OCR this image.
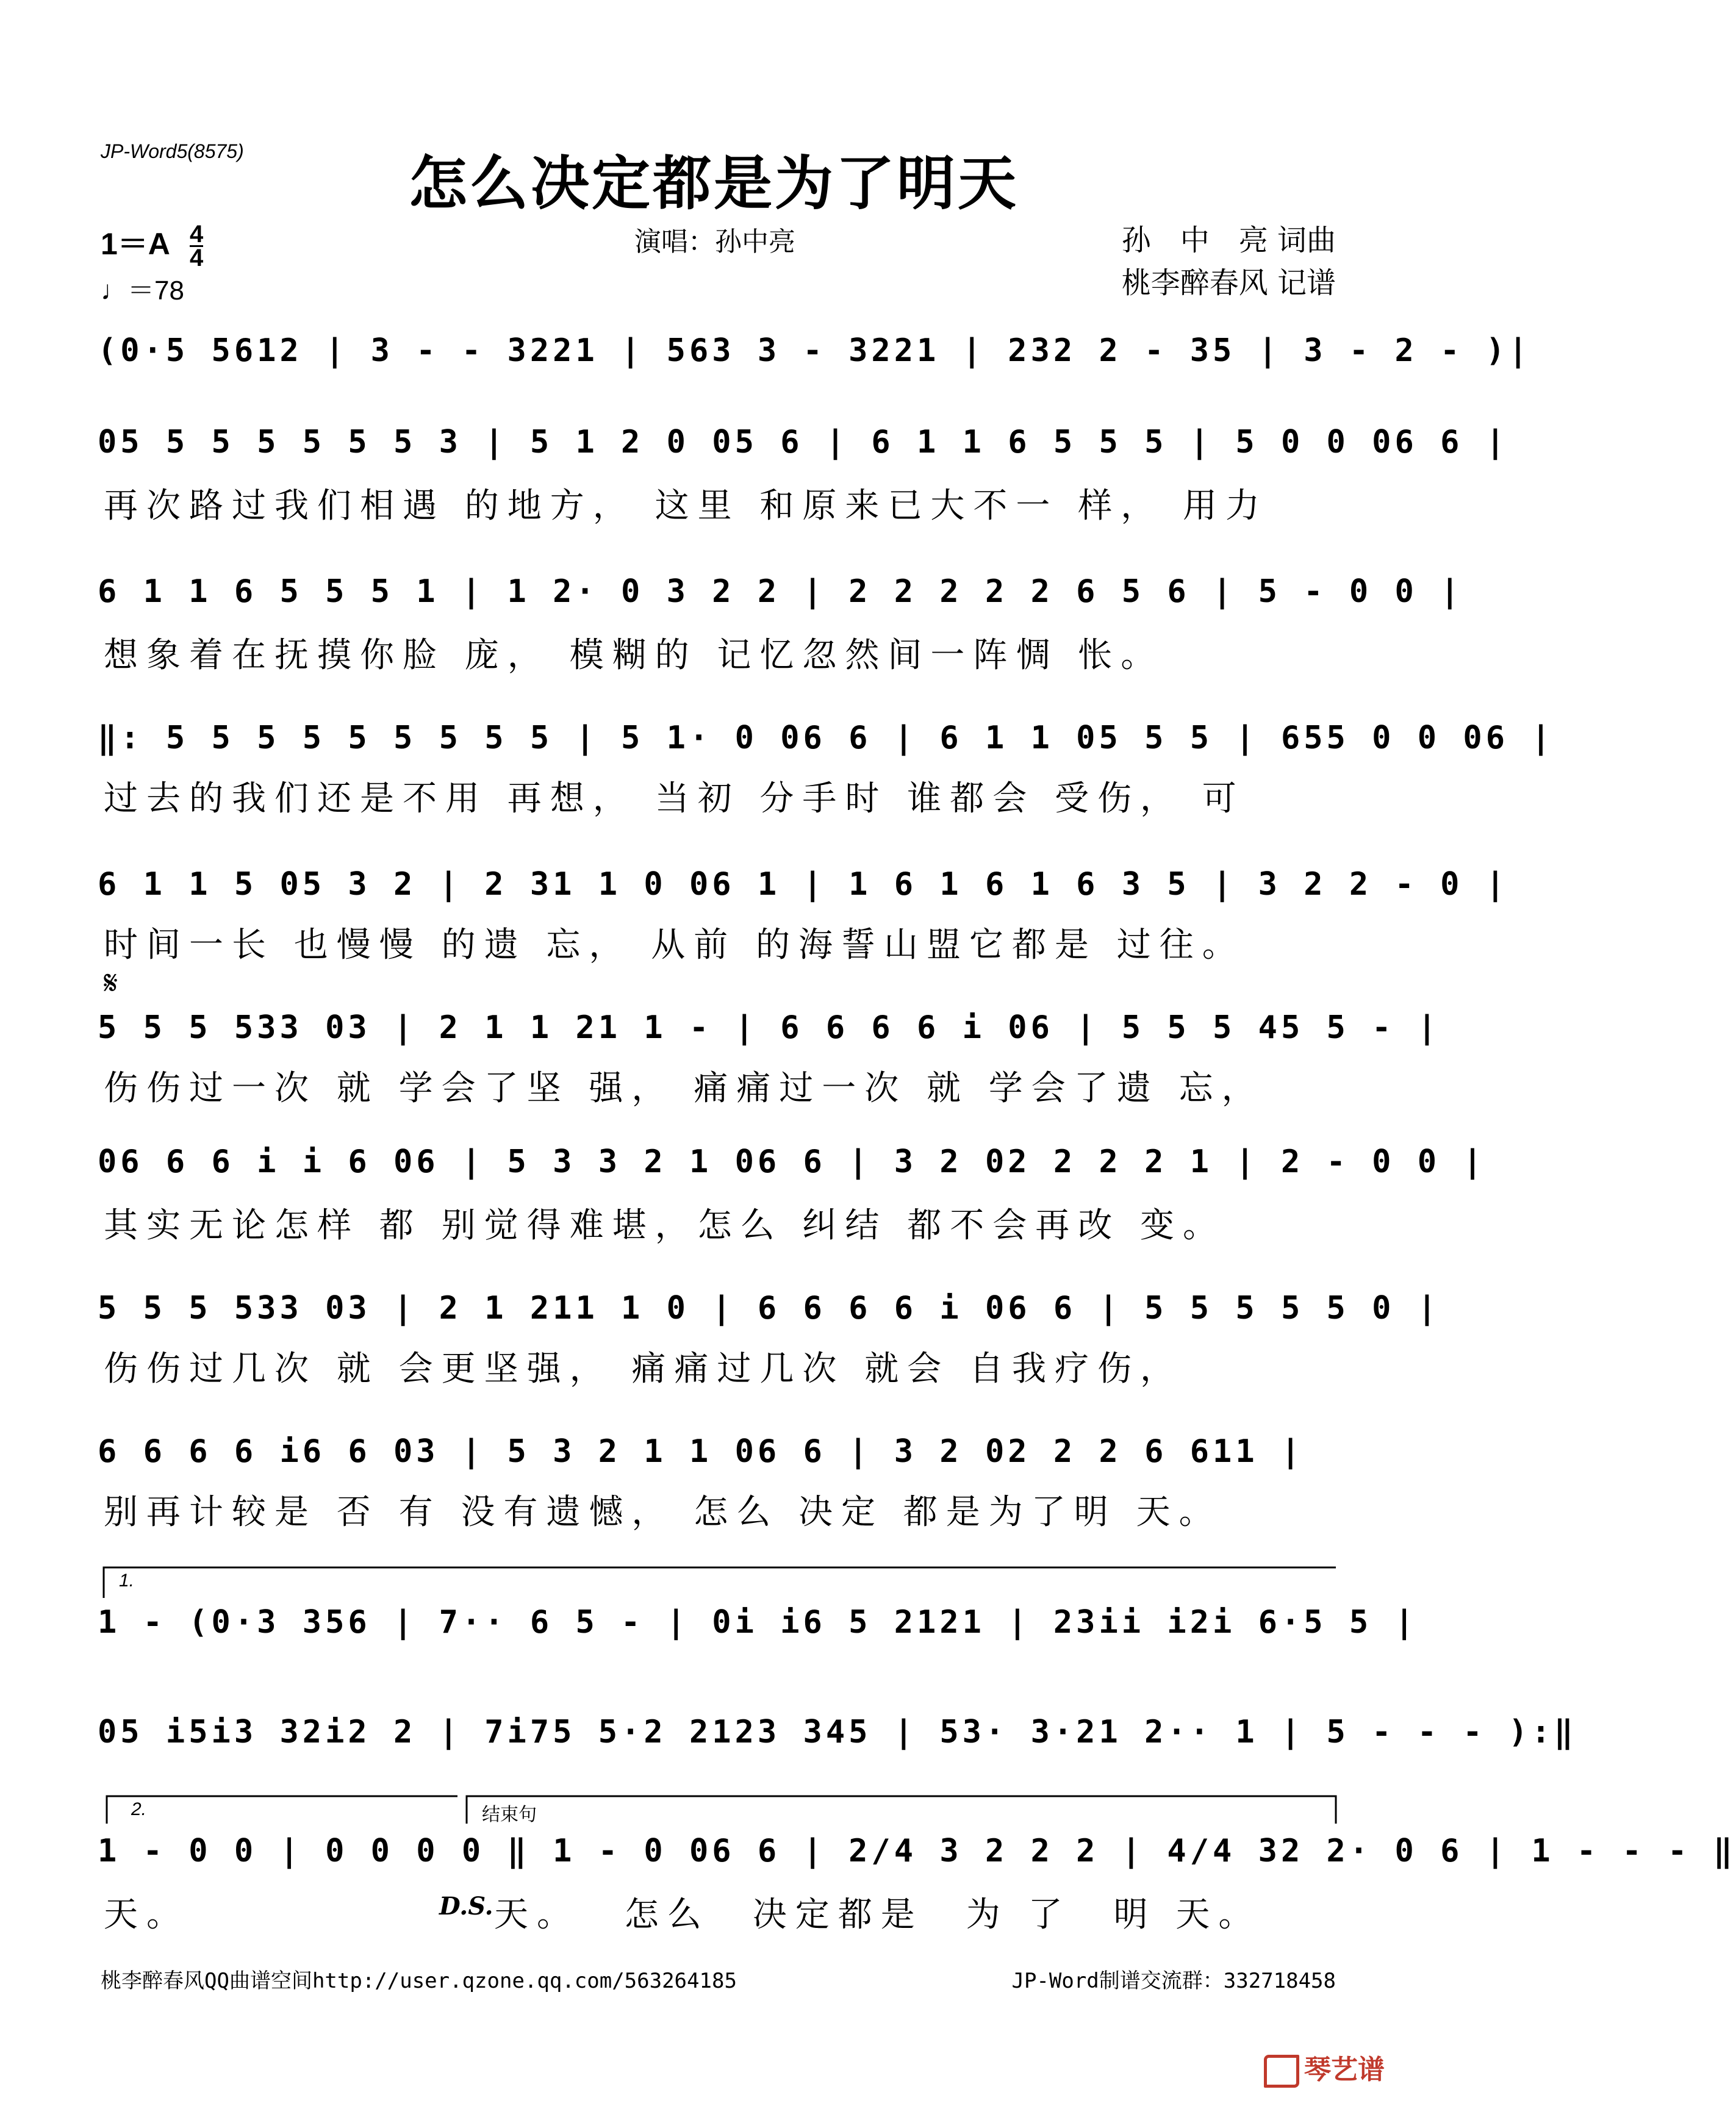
JP-Word5(8575)	怎么决定都是为了明天
$1=A \frac{4}{4}$
♩＝78
演唱：孙中亮	孙　中　亮 词曲
桃李醉春风 记谱
(0·5 5612 | 3 - - 3221 | 563 3 - 3221 | 232 2 - 35 | 3 - 2 - )|
05 5 5 5 5 5 5 3 | 5 1 2 0 05 6 | 6 1 1 6 5 5 5 | 5 0 0 06 6 |
再次路过我们相遇 的地方， 这里 和原来已大不一 样， 用力
6 1 1 6 5 5 5 1 | 1 2· 0 3 2 2 | 2 2 2 2 2 6 5 6 | 5 - 0 0 |
想象着在抚摸你脸 庞， 模糊的 记忆忽然间一阵惆 怅。
‖: 5 5 5 5 5 5 5 5 5 | 5 1· 0 06 6 | 6 1 1 05 5 5 | 655 0 0 06 |
过去的我们还是不用 再想， 当初 分手时 谁都会 受伤， 可
6 1 1 5 05 3 2 | 2 31 1 0 06 1 | 1 6 1 6 1 6 3 5 | 3 2 2 - 0 |
时间一长 也慢慢 的遗 忘， 从前 的海誓山盟它都是 过往。
𝄋
5 5 5 533 03 | 2 1 1 21 1 - | 6 6 6 6 i 06 | 5 5 5 45 5 - |
伤伤过一次 就 学会了坚 强， 痛痛过一次 就 学会了遗 忘，
06 6 6 i i 6 06 | 5 3 3 2 1 06 6 | 3 2 02 2 2 2 1 | 2 - 0 0 |
其实无论怎样 都 别觉得难堪，怎么 纠结 都不会再改 变。
5 5 5 533 03 | 2 1 211 1 0 | 6 6 6 6 i 06 6 | 5 5 5 5 5 0 |
伤伤过几次 就 会更坚强， 痛痛过几次 就会 自我疗伤，
6 6 6 6 i6 6 03 | 5 3 2 1 1 06 6 | 3 2 02 2 2 6 611 |
别再计较是 否 有 没有遗憾， 怎么 决定 都是为了明 天。
1.
1 - (0·3 356 | 7·· 6 5 - | 0i i6 5 2121 | 23ii i2i 6·5 5 |
05 i5i3 32i2 2 | 7i75 5·2 2123 345 | 53· 3·21 2·· 1 | 5 - - - ):‖
2.	结束句
1 - 0 0 | 0 0 0 0 ‖ 1 - 0 06 6 | 2/4 3 2 2 2 | 4/4 32 2· 0 6 | 1 - - - ‖
天。	D.S. 天。　 怎么　决定都是　为 了　明 天。
桃李醉春风QQ曲谱空间http://user.qzone.qq.com/563264185	JP-Word制谱交流群：332718458
琴艺谱
